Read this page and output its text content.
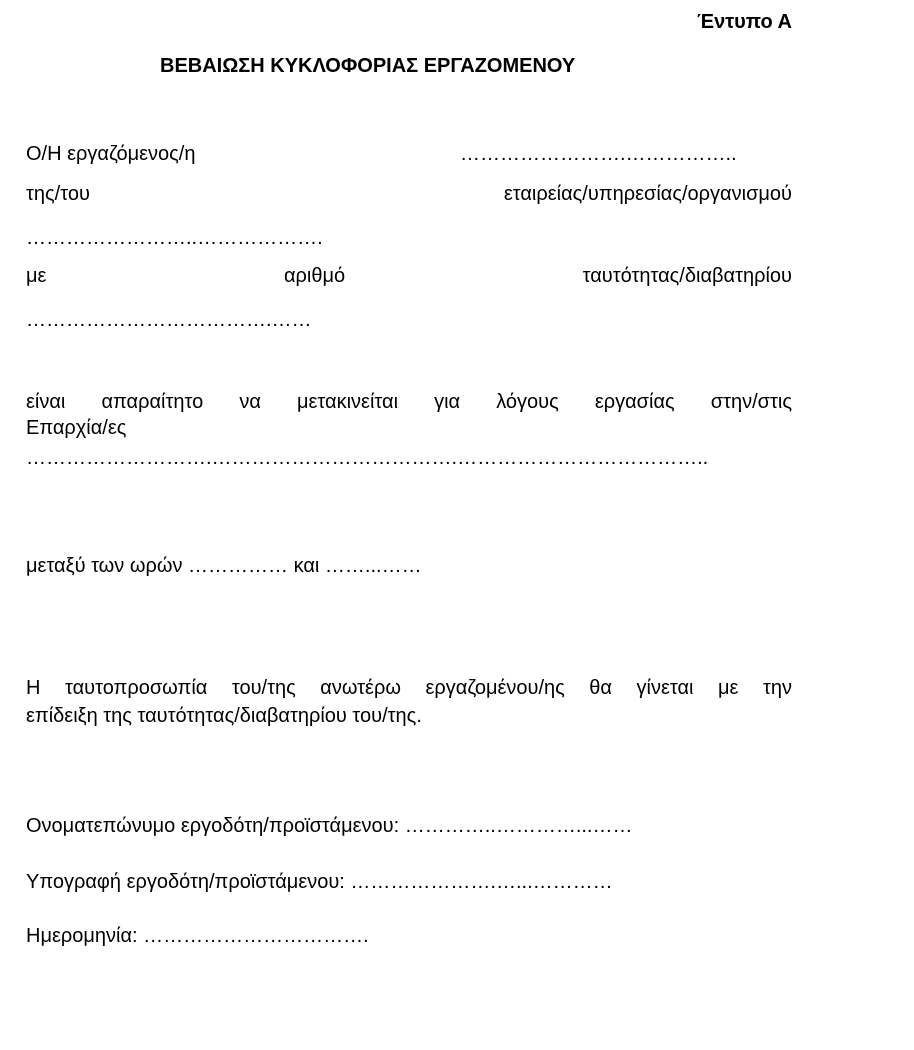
Έντυπο Α
ΒΕΒΑΙΩΣΗ ΚΥΚΛΟΦΟΡΙΑΣ ΕΡΓΑΖΟΜΕΝΟΥ
Ο/Η εργαζόμενος/η	…………………….……………..
της/του	εταιρείας/υπηρεσίας/οργανισμού
……………………..……………….
με	αριθμό	ταυτότητας/διαβατηρίου
……………………………….……
είναι απαραίτητο να μετακινείται για λόγους εργασίας στην/στις
Επαρχία/ες
……………………….……………………………….………………………………..
μεταξύ των ωρών …………… και ……...……
Η ταυτοπροσωπία του/της ανωτέρω εργαζομένου/ης θα γίνεται με την
επίδειξη της ταυτότητας/διαβατηρίου του/της.
Ονοματεπώνυμο εργοδότη/προϊστάμενου: …………..…………...……
Υπογραφή εργοδότη/προϊστάμενου: ………………….…...…………
Ημερομηνία: …………………………….
